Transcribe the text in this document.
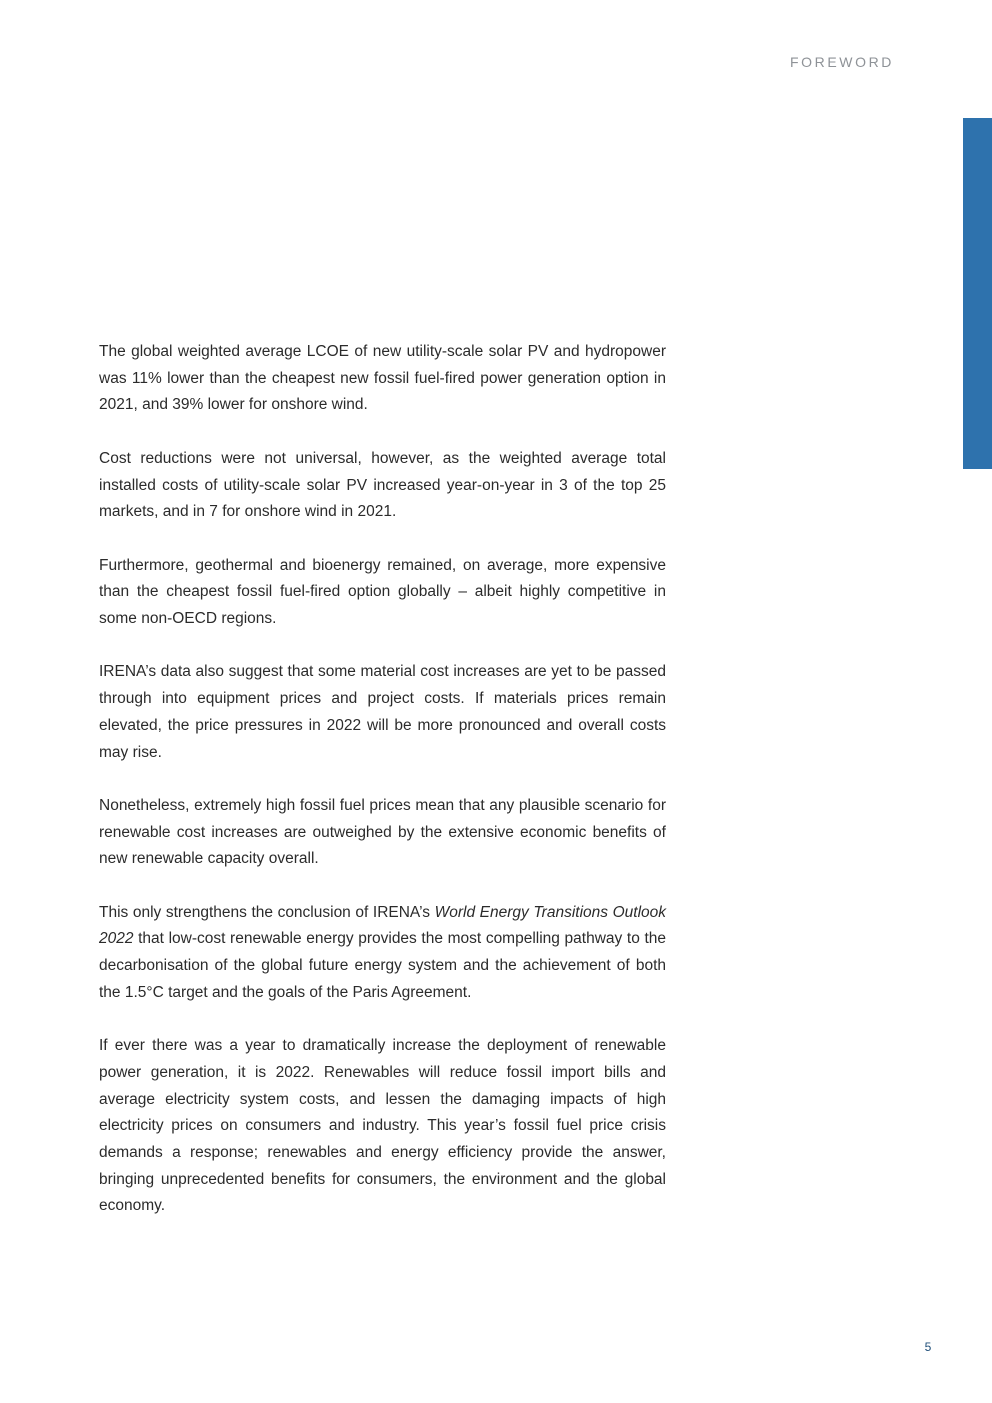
FOREWORD

The global weighted average LCOE of new utility-scale solar PV and hydropower was 11% lower than the cheapest new fossil fuel-fired power generation option in 2021, and 39% lower for onshore wind.

Cost reductions were not universal, however, as the weighted average total installed costs of utility-scale solar PV increased year-on-year in 3 of the top 25 markets, and in 7 for onshore wind in 2021.

Furthermore, geothermal and bioenergy remained, on average, more expensive than the cheapest fossil fuel-fired option globally – albeit highly competitive in some non-OECD regions.

IRENA’s data also suggest that some material cost increases are yet to be passed through into equipment prices and project costs. If materials prices remain elevated, the price pressures in 2022 will be more pronounced and overall costs may rise.

Nonetheless, extremely high fossil fuel prices mean that any plausible scenario for renewable cost increases are outweighed by the extensive economic benefits of new renewable capacity overall.

This only strengthens the conclusion of IRENA’s World Energy Transitions Outlook 2022 that low-cost renewable energy provides the most compelling pathway to the decarbonisation of the global future energy system and the achievement of both the 1.5°C target and the goals of the Paris Agreement.

If ever there was a year to dramatically increase the deployment of renewable power generation, it is 2022. Renewables will reduce fossil import bills and average electricity system costs, and lessen the damaging impacts of high electricity prices on consumers and industry. This year’s fossil fuel price crisis demands a response; renewables and energy efficiency provide the answer, bringing unprecedented benefits for consumers, the environment and the global economy.

5
